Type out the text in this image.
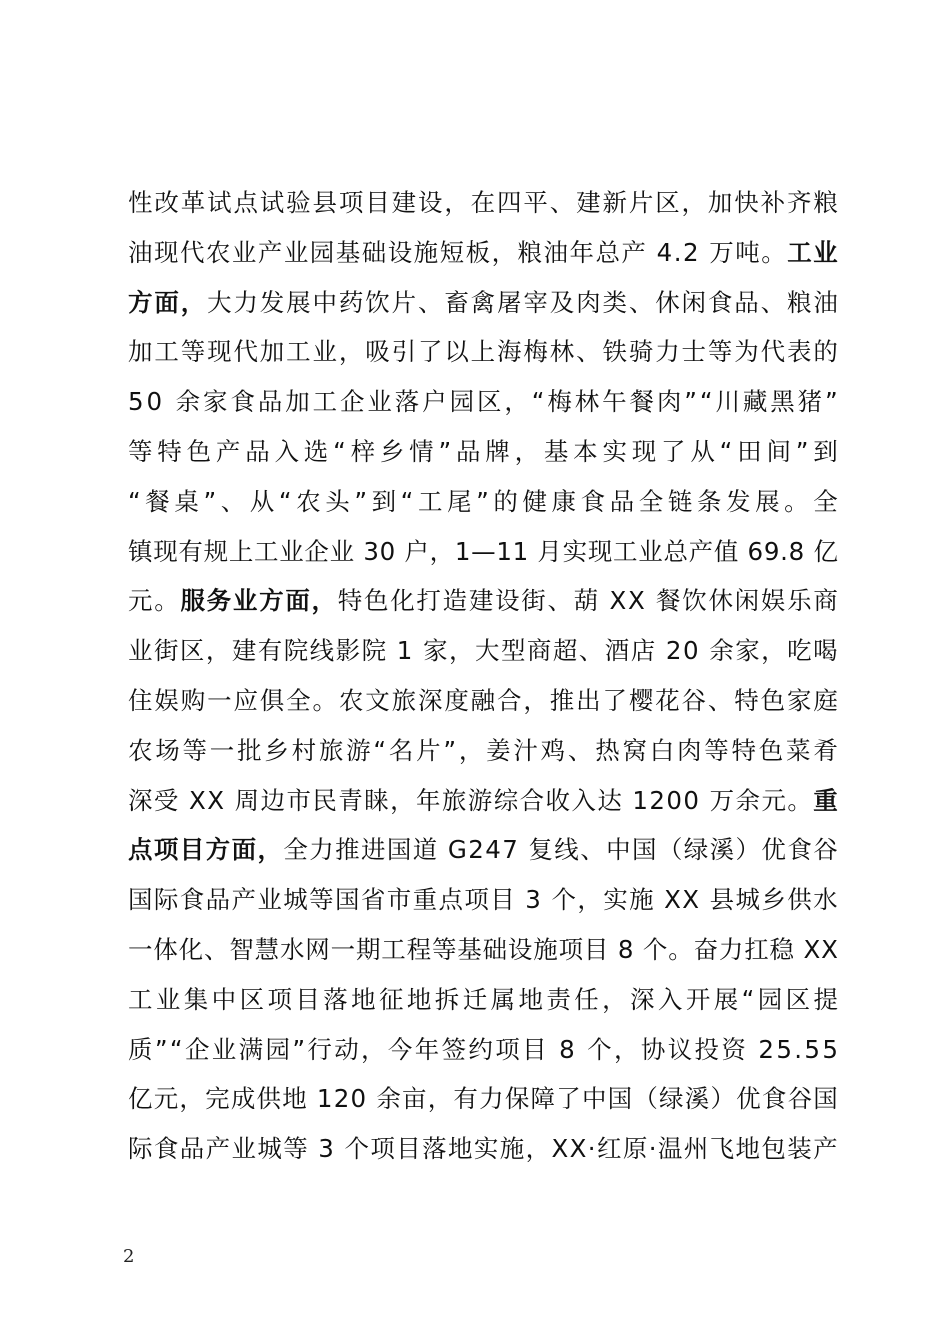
性 改 革 试 点 试 验 县 项 目 建 设 ， 在 四 平 、 建 新 片 区 ， 加 快 补 齐 粮
油 现 代 农 业 产 业 园 基 础 设 施 短 板 ， 粮 油 年 总 产
4 . 2
万 吨 。 工 业
方 面 ， 大 力 发 展 中 药 饮 片 、 畜 禽 屠 宰 及 肉 类 、 休 闲 食 品 、 粮 油
加 工 等 现 代 加 工 业 ， 吸 引 了 以 上 海 梅 林 、 铁 骑 力 士 等 为 代 表 的
5 0
余 家 食 品 加 工 企 业 落 户 园 区 ， “ 梅 林 午 餐 肉 ” “ 川 藏 黑 猪 ”
等 特 色 产 品 入 选 “ 梓 乡 情 ” 品 牌 ， 基 本 实 现 了 从 “ 田 间 ” 到
“ 餐 桌 ” 、 从 “ 农 头 ” 到 “ 工 尾 ” 的 健 康 食 品 全 链 条 发 展 。 全
镇 现 有 规 上 工 业 企 业
3 0
户 ， 1 — 1 1
月 实 现 工 业 总 产 值
6 9 . 8
亿
元 。 服 务 业 方 面 ， 特 色 化 打 造 建 设 街 、 葫
X X
餐 饮 休 闲 娱 乐 商
业 街 区 ， 建 有 院 线 影 院
1
家 ， 大 型 商 超 、 酒 店
2 0
余 家 ， 吃 喝
住 娱 购 一 应 俱 全 。 农 文 旅 深 度 融 合 ， 推 出 了 樱 花 谷 、 特 色 家 庭
农 场 等 一 批 乡 村 旅 游 “ 名 片 ” ， 姜 汁 鸡 、 热 窝 白 肉 等 特 色 菜 肴
深 受
X X
周 边 市 民 青 睐 ， 年 旅 游 综 合 收 入 达
1 2 0 0
万 余 元 。 重
点 项 目 方 面 ， 全 力 推 进 国 道
G 2 4 7
复 线 、 中 国 （ 绿 溪 ） 优 食 谷
国 际 食 品 产 业 城 等 国 省 市 重 点 项 目
3
个 ， 实 施
X X
县 城 乡 供 水
一 体 化 、 智 慧 水 网 一 期 工 程 等 基 础 设 施 项 目
8
个 。 奋 力 扛 稳
X X
工 业 集 中 区 项 目 落 地 征 地 拆 迁 属 地 责 任 ， 深 入 开 展 “ 园 区 提
质 ” “ 企 业 满 园 ” 行 动 ， 今 年 签 约 项 目
8
个 ， 协 议 投 资
2 5 . 5 5
亿 元 ， 完 成 供 地
1 2 0
余 亩 ， 有 力 保 障 了 中 国 （ 绿 溪 ） 优 食 谷 国
际 食 品 产 业 城 等
3
个 项 目 落 地 实 施 ， X X · 红 原 · 温 州 飞 地 包 装 产
2
